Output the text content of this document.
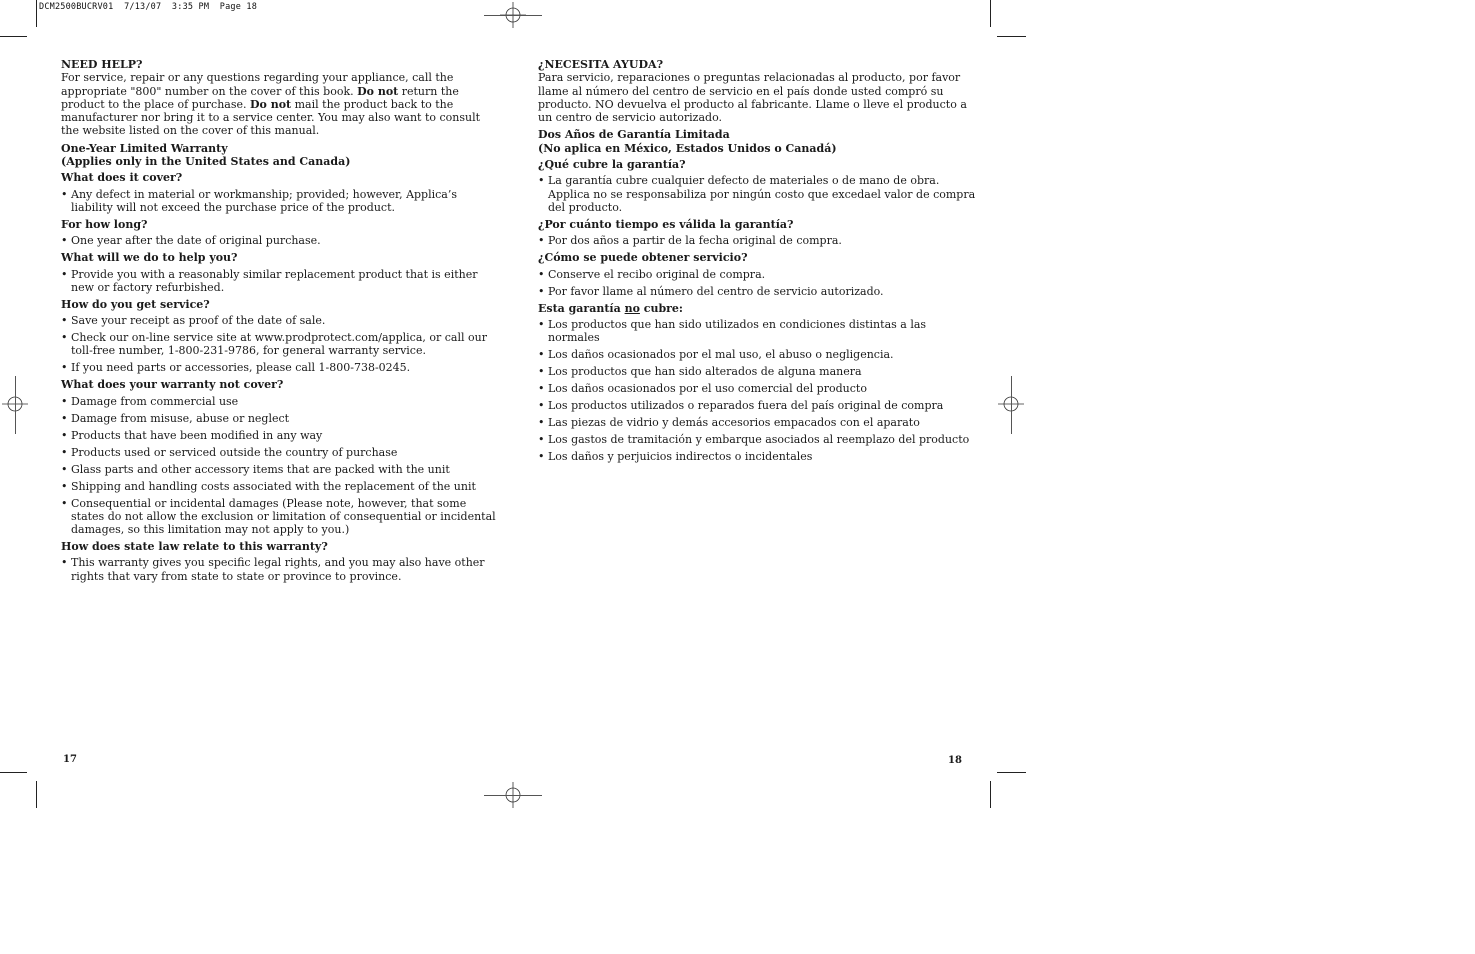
DCM2500BUCRV01  7/13/07  3:35 PM  Page 18
NEED HELP?
For service, repair or any questions regarding your appliance, call the appropriate "800" number on the cover of this book. Do not return the product to the place of purchase. Do not mail the product back to the manufacturer nor bring it to a service center. You may also want to consult the website listed on the cover of this manual.
One-Year Limited Warranty
(Applies only in the United States and Canada)
What does it cover?
• Any defect in material or workmanship; provided; however, Applica’s liability will not exceed the purchase price of the product.
For how long?
• One year after the date of original purchase.
What will we do to help you?
• Provide you with a reasonably similar replacement product that is either new or factory refurbished.
How do you get service?
• Save your receipt as proof of the date of sale.
• Check our on-line service site at www.prodprotect.com/applica, or call our toll-free number, 1-800-231-9786, for general warranty service.
• If you need parts or accessories, please call 1-800-738-0245.
What does your warranty not cover?
• Damage from commercial use
• Damage from misuse, abuse or neglect
• Products that have been modified in any way
• Products used or serviced outside the country of purchase
• Glass parts and other accessory items that are packed with the unit
• Shipping and handling costs associated with the replacement of the unit
• Consequential or incidental damages (Please note, however, that some states do not allow the exclusion or limitation of consequential or incidental damages, so this limitation may not apply to you.)
How does state law relate to this warranty?
• This warranty gives you specific legal rights, and you may also have other rights that vary from state to state or province to province.
17
¿NECESITA AYUDA?
Para servicio, reparaciones o preguntas relacionadas al producto, por favor llame al número del centro de servicio en el país donde usted compró su producto. NO devuelva el producto al fabricante. Llame o lleve el producto a un centro de servicio autorizado.
Dos Años de Garantía Limitada
(No aplica en México, Estados Unidos o Canadá)
¿Qué cubre la garantía?
• La garantía cubre cualquier defecto de materiales o de mano de obra. Applica no se responsabiliza por ningún costo que excedael valor de compra del producto.
¿Por cuánto tiempo es válida la garantía?
• Por dos años a partir de la fecha original de compra.
¿Cómo se puede obtener servicio?
• Conserve el recibo original de compra.
• Por favor llame al número del centro de servicio autorizado.
Esta garantía no cubre:
• Los productos que han sido utilizados en condiciones distintas a las normales
• Los daños ocasionados por el mal uso, el abuso o negligencia.
• Los productos que han sido alterados de alguna manera
• Los daños ocasionados por el uso comercial del producto
• Los productos utilizados o reparados fuera del país original de compra
• Las piezas de vidrio y demás accesorios empacados con el aparato
• Los gastos de tramitación y embarque asociados al reemplazo del producto
• Los daños y perjuicios indirectos o incidentales
18
